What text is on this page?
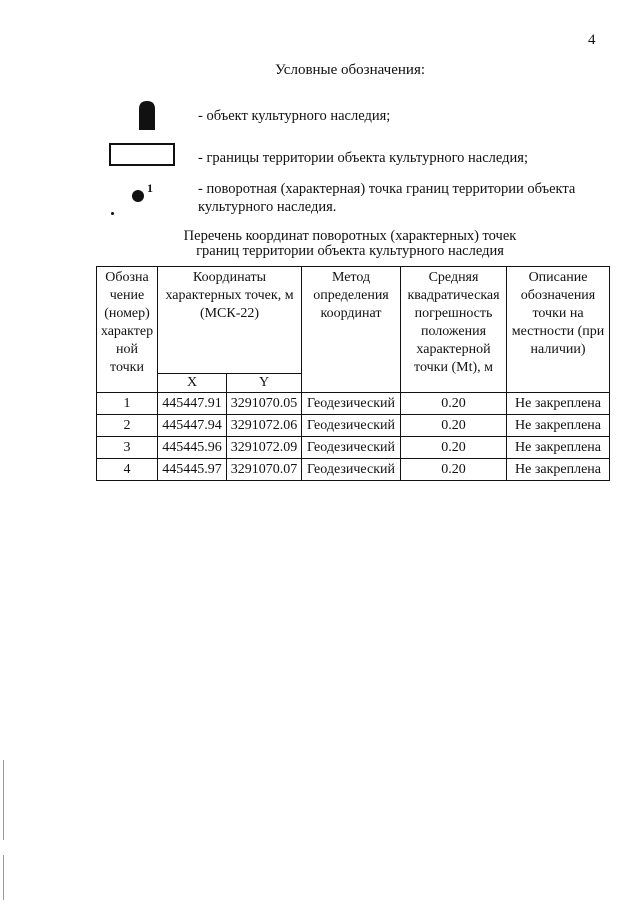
4
Условные обозначения:
- объект культурного наследия;
- границы территории объекта культурного наследия;
1	- поворотная (характерная) точка границ территории объекта культурного наследия.
Перечень координат поворотных (характерных) точек
границ территории объекта культурного наследия
Обозна чение (номер) характер ной точки	Координаты характерных точек, м (МСК-22)		Метод определения координат	Средняя квадратическая погрешность положения характерной точки (Mt), м	Описание обозначения точки на местности (при наличии)
	X	Y			
1	445447.91	3291070.05	Геодезический	0.20	Не закреплена
2	445447.94	3291072.06	Геодезический	0.20	Не закреплена
3	445445.96	3291072.09	Геодезический	0.20	Не закреплена
4	445445.97	3291070.07	Геодезический	0.20	Не закреплена
